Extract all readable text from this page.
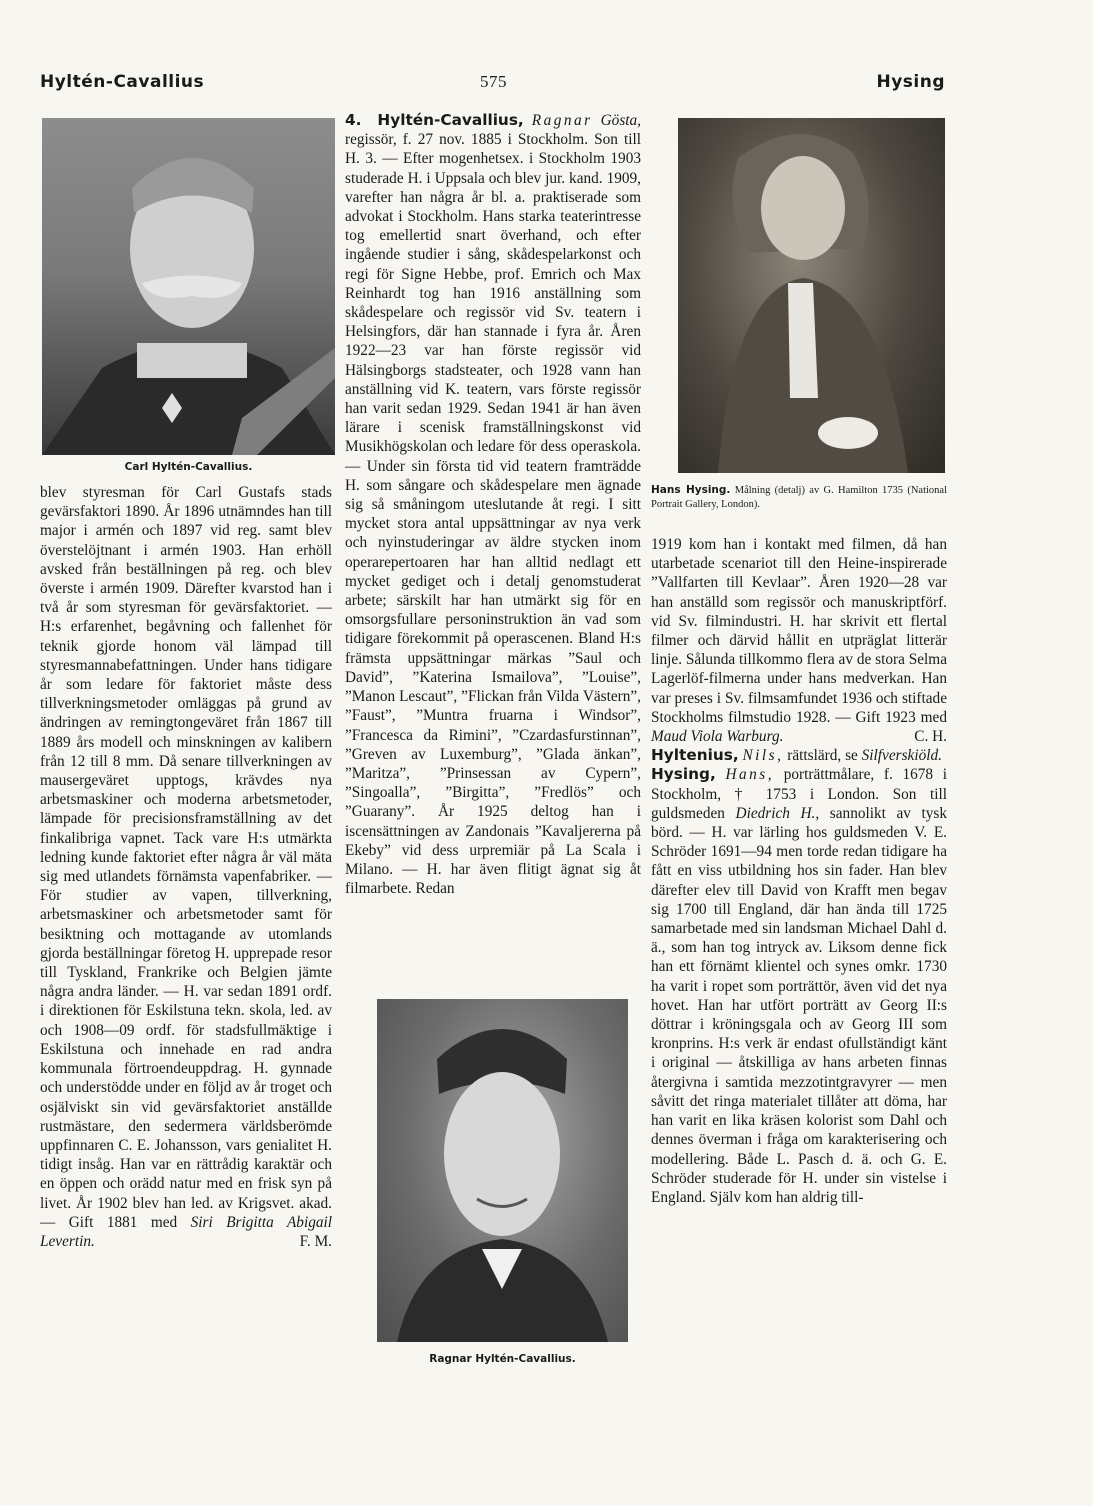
Hyltén-Cavallius	575	Hysing
Carl Hyltén-Cavallius.

blev styresman för Carl Gustafs stads gevärsfaktori 1890. År 1896 utnämndes han till major i armén och 1897 vid reg. samt blev överstelöjtnant i armén 1903. Han erhöll avsked från beställningen på reg. och blev överste i armén 1909. Därefter kvarstod han i två år som styresman för gevärsfaktoriet. — H:s erfarenhet, begåvning och fallenhet för teknik gjorde honom väl lämpad till styresmannabefattningen. Under hans tidigare år som ledare för faktoriet måste dess tillverkningsmetoder omläggas på grund av ändringen av remingtongeväret från 1867 till 1889 års modell och minskningen av kalibern från 12 till 8 mm. Då senare tillverkningen av mausergeväret upptogs, krävdes nya arbetsmaskiner och moderna arbetsmetoder, lämpade för precisionsframställning av det finkalibriga vapnet. Tack vare H:s utmärkta ledning kunde faktoriet efter några år väl mäta sig med utlandets förnämsta vapenfabriker. — För studier av vapen, tillverkning, arbetsmaskiner och arbetsmetoder samt för besiktning och mottagande av utomlands gjorda beställningar företog H. upprepade resor till Tyskland, Frankrike och Belgien jämte några andra länder. — H. var sedan 1891 ordf. i direktionen för Eskilstuna tekn. skola, led. av och 1908—09 ordf. för stadsfullmäktige i Eskilstuna och innehade en rad andra kommunala förtroendeuppdrag. H. gynnade och understödde under en följd av år troget och osjälviskt sin vid gevärsfaktoriet anställde rustmästare, den sedermera världsberömde uppfinnaren C. E. Johansson, vars genialitet H. tidigt insåg. Han var en rättrådig karaktär och en öppen och orädd natur med en frisk syn på livet. År 1902 blev han led. av Krigsvet. akad. — Gift 1881 med Siri Brigitta Abigail Levertin.	F. M.

4. Hyltén-Cavallius, Ragnar Gösta, regissör, f. 27 nov. 1885 i Stockholm. Son till H. 3. — Efter mogenhetsex. i Stockholm 1903 studerade H. i Uppsala och blev jur. kand. 1909, varefter han några år bl. a. praktiserade som advokat i Stockholm. Hans starka teaterintresse tog emellertid snart överhand, och efter ingående studier i sång, skådespelarkonst och regi för Signe Hebbe, prof. Emrich och Max Reinhardt tog han 1916 anställning som skådespelare och regissör vid Sv. teatern i Helsingfors, där han stannade i fyra år. Åren 1922—23 var han förste regissör vid Hälsingborgs stadsteater, och 1928 vann han anställning vid K. teatern, vars förste regissör han varit sedan 1929. Sedan 1941 är han även lärare i scenisk framställningskonst vid Musikhögskolan och ledare för dess operaskola. — Under sin första tid vid teatern framträdde H. som sångare och skådespelare men ägnade sig så småningom uteslutande åt regi. I sitt mycket stora antal uppsättningar av nya verk och nyinstuderingar av äldre stycken inom operarepertoaren har han alltid nedlagt ett mycket gediget och i detalj genomstuderat arbete; särskilt har han utmärkt sig för en omsorgsfullare personinstruktion än vad som tidigare förekommit på operascenen. Bland H:s främsta uppsättningar märkas ”Saul och David”, ”Katerina Ismailova”, ”Louise”, ”Manon Lescaut”, ”Flickan från Vilda Västern”, ”Faust”, ”Muntra fruarna i Windsor”, ”Francesca da Rimini”, ”Czardasfurstinnan”, ”Greven av Luxemburg”, ”Glada änkan”, ”Maritza”, ”Prinsessan av Cypern”, ”Singoalla”, ”Birgitta”, ”Fredlös” och ”Guarany”. År 1925 deltog han i iscensättningen av Zandonais ”Kavaljererna på Ekeby” vid dess urpremiär på La Scala i Milano. — H. har även flitigt ägnat sig åt filmarbete. Redan

Ragnar Hyltén-Cavallius.
Hans Hysing. Målning (detalj) av G. Hamilton 1735 (National Portrait Gallery, London).

1919 kom han i kontakt med filmen, då han utarbetade scenariot till den Heine-inspirerade ”Vallfarten till Kevlaar”. Åren 1920—28 var han anställd som regissör och manuskriptförf. vid Sv. filmindustri. H. har skrivit ett flertal filmer och därvid hållit en utpräglat litterär linje. Sålunda tillkommo flera av de stora Selma Lagerlöf-filmerna under hans medverkan. Han var preses i Sv. filmsamfundet 1936 och stiftade Stockholms filmstudio 1928. — Gift 1923 med Maud Viola Warburg.	C. H.

Hyltenius, Nils, rättslärd, se Silfverskiöld.

Hysing, Hans, porträttmålare, f. 1678 i Stockholm, † 1753 i London. Son till guldsmeden Diedrich H., sannolikt av tysk börd. — H. var lärling hos guldsmeden V. E. Schröder 1691—94 men torde redan tidigare ha fått en viss utbildning hos sin fader. Han blev därefter elev till David von Krafft men begav sig 1700 till England, där han ända till 1725 samarbetade med sin landsman Michael Dahl d. ä., som han tog intryck av. Liksom denne fick han ett förnämt klientel och synes omkr. 1730 ha varit i ropet som porträttör, även vid det nya hovet. Han har utfört porträtt av Georg II:s döttrar i kröningsgala och av Georg III som kronprins. H:s verk är endast ofullständigt känt i original — åtskilliga av hans arbeten finnas återgivna i samtida mezzotintgravyrer — men såvitt det ringa materialet tillåter att döma, har han varit en lika kräsen kolorist som Dahl och dennes överman i fråga om karakterisering och modellering. Både L. Pasch d. ä. och G. E. Schröder studerade för H. under sin vistelse i England. Själv kom han aldrig till-
